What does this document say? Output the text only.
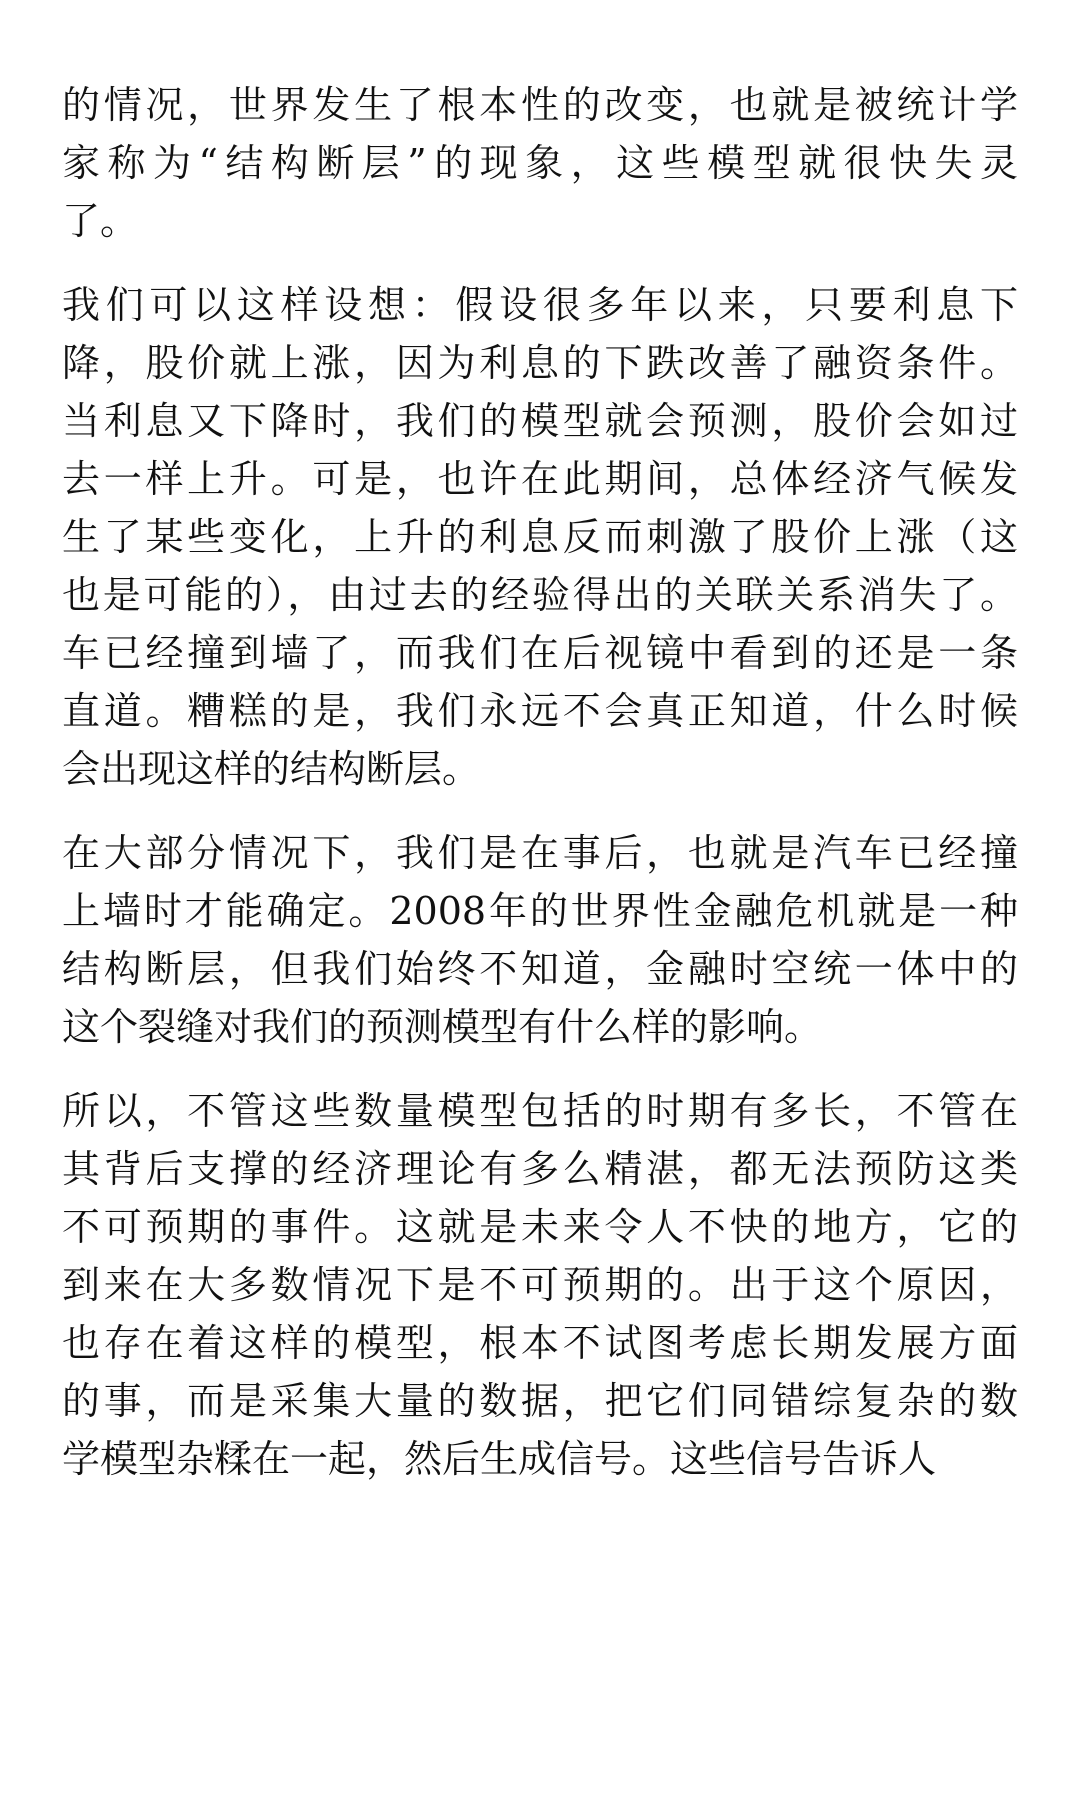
的情况，世界发生了根本性的改变，也就是被统计学
家称为“结构断层”的现象，这些模型就很快失灵
了。
我们可以这样设想：假设很多年以来，只要利息下
降，股价就上涨，因为利息的下跌改善了融资条件。
当利息又下降时，我们的模型就会预测，股价会如过
去一样上升。可是，也许在此期间，总体经济气候发
生了某些变化，上升的利息反而刺激了股价上涨（这
也是可能的），由过去的经验得出的关联关系消失了。
车已经撞到墙了，而我们在后视镜中看到的还是一条
直道。糟糕的是，我们永远不会真正知道，什么时候
会出现这样的结构断层。
在大部分情况下，我们是在事后，也就是汽车已经撞
上墙时才能确定。2008年的世界性金融危机就是一种
结构断层，但我们始终不知道，金融时空统一体中的
这个裂缝对我们的预测模型有什么样的影响。
所以，不管这些数量模型包括的时期有多长，不管在
其背后支撑的经济理论有多么精湛，都无法预防这类
不可预期的事件。这就是未来令人不快的地方，它的
到来在大多数情况下是不可预期的。出于这个原因，
也存在着这样的模型，根本不试图考虑长期发展方面
的事，而是采集大量的数据，把它们同错综复杂的数
学模型杂糅在一起，然后生成信号。这些信号告诉人
